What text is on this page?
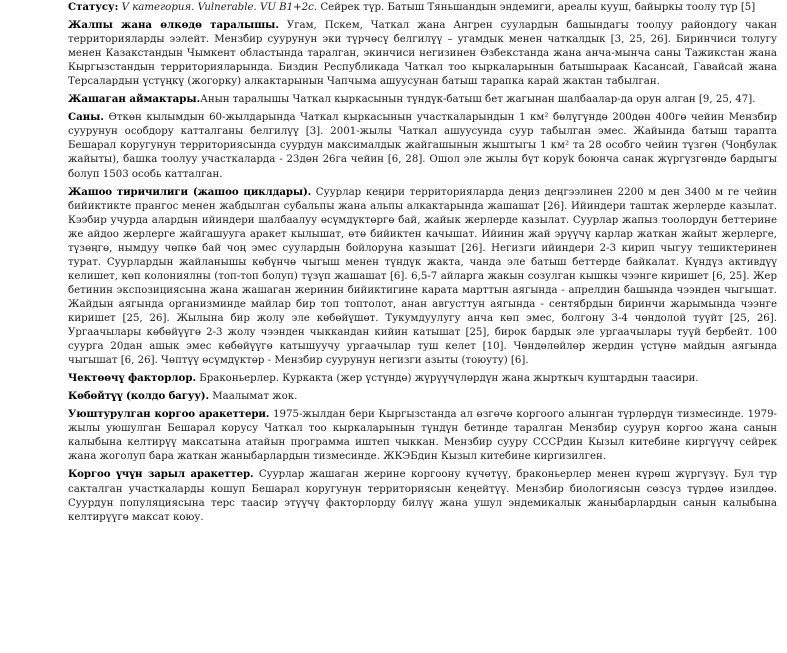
Статусу: V категория. Vulnerable. VU B1+2c. Сейрек түр. Батыш Тяньшандын эндемиги, ареалы кууш, байыркы тоолу түр [5]

Жалпы жана өлкөдө таралышы. Угам, Пскем, Чаткал жана Ангрен суулардын башындагы тоолуу райондогу чакан территорияларды ээлейт. Мензбир суурунун эки түрчөсү белгилүү – угамдык менен чаткалдык [3, 25, 26]. Биринчиси толугу менен Казакстандын Чымкент областында таралган, экинчиси негизинен Өзбекстанда жана анча-мынча саны Тажикстан жана Кыргызстандын территорияларында. Биздин Республикада Чаткал тоо кыркаларынын батышыраак Касансай, Гавайсай жана Терсалардын үстүңкү (жогорку) алкактарынын Чапчыма ашуусунан батыш тарапка карай жактан табылган.

Жашаган аймактары.Анын таралышы Чаткал кыркасынын түндүк-батыш бет жагынан шалбаалар-да орун алган [9, 25, 47].

Саны. Өткөн кылымдын 60-жылдарында Чаткал кыркасынын участкаларындын 1 км² бөлүгүндө 200дөн 400гө чейин Мензбир суурунун особдору катталганы белгилүү [3]. 2001-жылы Чаткал ашуусунда суур табылган эмес. Жайында батыш тарапта Бешарал коругунун территориясында суурдун максималдык жайгашынын жыштыгы 1 км² та 28 особго чейин түзгөн (Чоңбулак жайыты), башка тоолуу участкаларда - 23дөн 26га чейин [6, 28]. Ошол эле жылы бүт коруk боюнча санак жүргүзгөндө бардыгы болуп 1503 особь катталган.

Жашоо тиричилиги (жашоо циклдары). Суурлар кеңири территорияларда деңиз деңгээлинен 2200 м ден 3400 м ге чейин бийиктикте прангос менен жабдылган субальпы жана альпы алкактарында жашашат [26]. Ийиндери таштак жерлерде казылат. Кээбир учурда алардын ийиндери шалбаалуу өсүмдүктөргө бай, жайык жерлерде казылат. Суурлар жапыз тоолордун беттерине же айдоо жерлерге жайгашууга аракет кылышат, өтө бийиктен качышат. Ийинин жай эрүүчү карлар жаткан жайыт жерлерге, түзөңгө, нымдуу чөпкө бай чоң эмес суулардын бойлоруна казышат [26]. Негизги ийиндери 2-3 кирип чыгуу тешиктеринен турат. Суурлардын жайланышы көбүнчө чыгыш менен түндүк жакта, чанда эле батыш беттерде байкалат. Күндүз активдүү келишет, көп колониялны (топ-топ болуп) түзүп жашашат [6]. 6,5-7 айларга жакын созулган кышкы чээнге киришет [6, 25]. Жер бетинин экспозициясына жана жашаган жеринин бийиктигине карата марттын аягында - апрелдин башында чээнден чыгышат. Жайдын аягында организминде майлар бир топ топтолот, анан августтун аягында - сентябрдын биринчи жарымында чээнге киришет [25, 26]. Жылына бир жолу эле көбөйүшөт. Тукумдуулугу анча көп эмес, болгону 3-4 чөндолой туүйт [25, 26]. Ургаачылары көбөйүүгө 2-3 жолу чээнден чыккандан кийин катышат [25], бирок бардык эле ургаачылары туүй бербейт. 100 суурга 20дан ашык эмес көбөйүүгө катышуучу ургаачылар туш келет [10]. Чөндөлөйлөр жердин үстүнө майдын аягында чыгышат [6, 26]. Чөптүү өсүмдүктөр - Мензбир суурунун негизги азыты (тоюуту) [6].

Чектөөчү факторлор. Браконьерлер. Куркакта (жер үстүндө) жүрүүчүлөрдүн жана жырткыч куштардын таасири.

Көбөйтүү (колдо багуу). Маалымат жок.

Уюштурулган коргоо аракеттери. 1975-жылдан бери Кыргызстанда ал өзгөчө коргоого алынган түрлөрдүн тизмесинде. 1979-жылы уюшулган Бешарал корусу Чаткал тоо кыркаларынын түндүн бетинде таралган Мензбир суурун коргоо жана санын калыбына келтирүү максатына атайын программа иштеп чыккан. Мензбир сууру СССРдин Кызыл китебине киргүүчү сейрек жана жоголуп бара жаткан жаныбарлардын тизмесинде. ЖКЭБдин Кызыл китебине киргизилген.

Коргоо үчүн зарыл аракеттер. Суурлар жашаган жерине коргоону күчөтүү, браконьерлер менен күрөш жүргүзүү. Бул түр сакталган участкаларды кошуп Бешарал коругунун территориясын кеңейтүү. Мензбир биологиясын сөзсүз түрдөө изилдөө. Суурдун популяциясына терс таасир этүүчү факторлорду билүү жана ушул эндемикалык жаныбарлардын санын калыбына келтирүүгө максат коюу.
